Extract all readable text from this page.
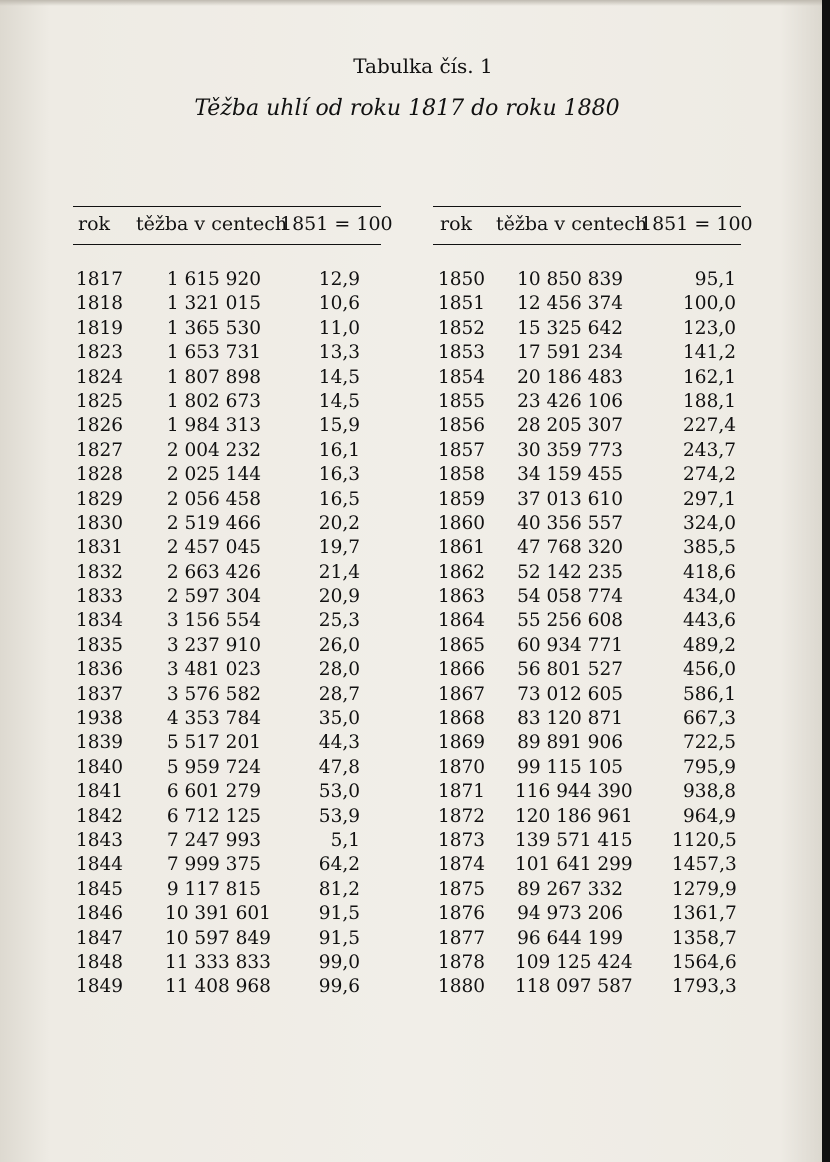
Tabulka čís. 1
Těžba uhlí od roku 1817 do roku 1880
rok těžba v centech
1851 = 100 rok těžba v centech
1851 = 100
1817
1818
1819
1823
1824
1825
1826
1827
1828
1829
1830
1831
1832
1833
1834
1835
1836
1837
1938
1839
1840
1841
1842
1843
1844
1845
1846
1847
1848
1849
1 615 920
1 321 015
1 365 530
1 653 731
1 807 898
1 802 673
1 984 313
2 004 232
2 025 144
2 056 458
2 519 466
2 457 045
2 663 426
2 597 304
3 156 554
3 237 910
3 481 023
3 576 582
4 353 784
5 517 201
5 959 724
6 601 279
6 712 125
7 247 993
7 999 375
9 117 815
10 391 601
10 597 849
11 333 833
11 408 968
12,9
10,6
11,0
13,3
14,5
14,5
15,9
16,1
16,3
16,5
20,2
19,7
21,4
20,9
25,3
26,0
28,0
28,7
35,0
44,3
47,8
53,0
53,9
5,1
64,2
81,2
91,5
91,5
99,0
99,6
1850
1851
1852
1853
1854
1855
1856
1857
1858
1859
1860
1861
1862
1863
1864
1865
1866
1867
1868
1869
1870
1871
1872
1873
1874
1875
1876
1877
1878
1880
10 850 839
12 456 374
15 325 642
17 591 234
20 186 483
23 426 106
28 205 307
30 359 773
34 159 455
37 013 610
40 356 557
47 768 320
52 142 235
54 058 774
55 256 608
60 934 771
56 801 527
73 012 605
83 120 871
89 891 906
99 115 105
116 944 390
120 186 961
139 571 415
101 641 299
89 267 332
94 973 206
96 644 199
109 125 424
118 097 587
95,1
100,0
123,0
141,2
162,1
188,1
227,4
243,7
274,2
297,1
324,0
385,5
418,6
434,0
443,6
489,2
456,0
586,1
667,3
722,5
795,9
938,8
964,9
1120,5
1457,3
1279,9
1361,7
1358,7
1564,6
1793,3
